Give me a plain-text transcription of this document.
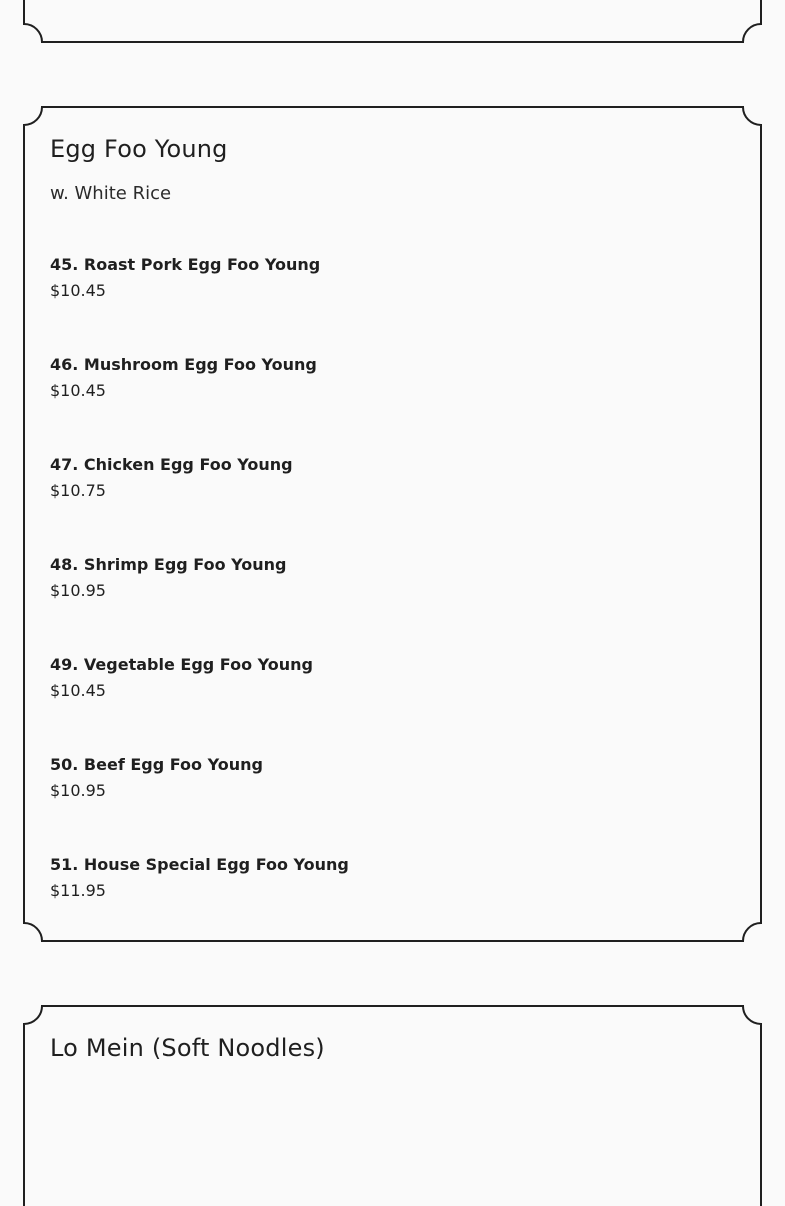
Egg Foo Young

w. White Rice

45. Roast Pork Egg Foo Young
$10.45
46. Mushroom Egg Foo Young
$10.45
47. Chicken Egg Foo Young
$10.75
48. Shrimp Egg Foo Young
$10.95
49. Vegetable Egg Foo Young
$10.45
50. Beef Egg Foo Young
$10.95
51. House Special Egg Foo Young
$11.95
Lo Mein (Soft Noodles)
